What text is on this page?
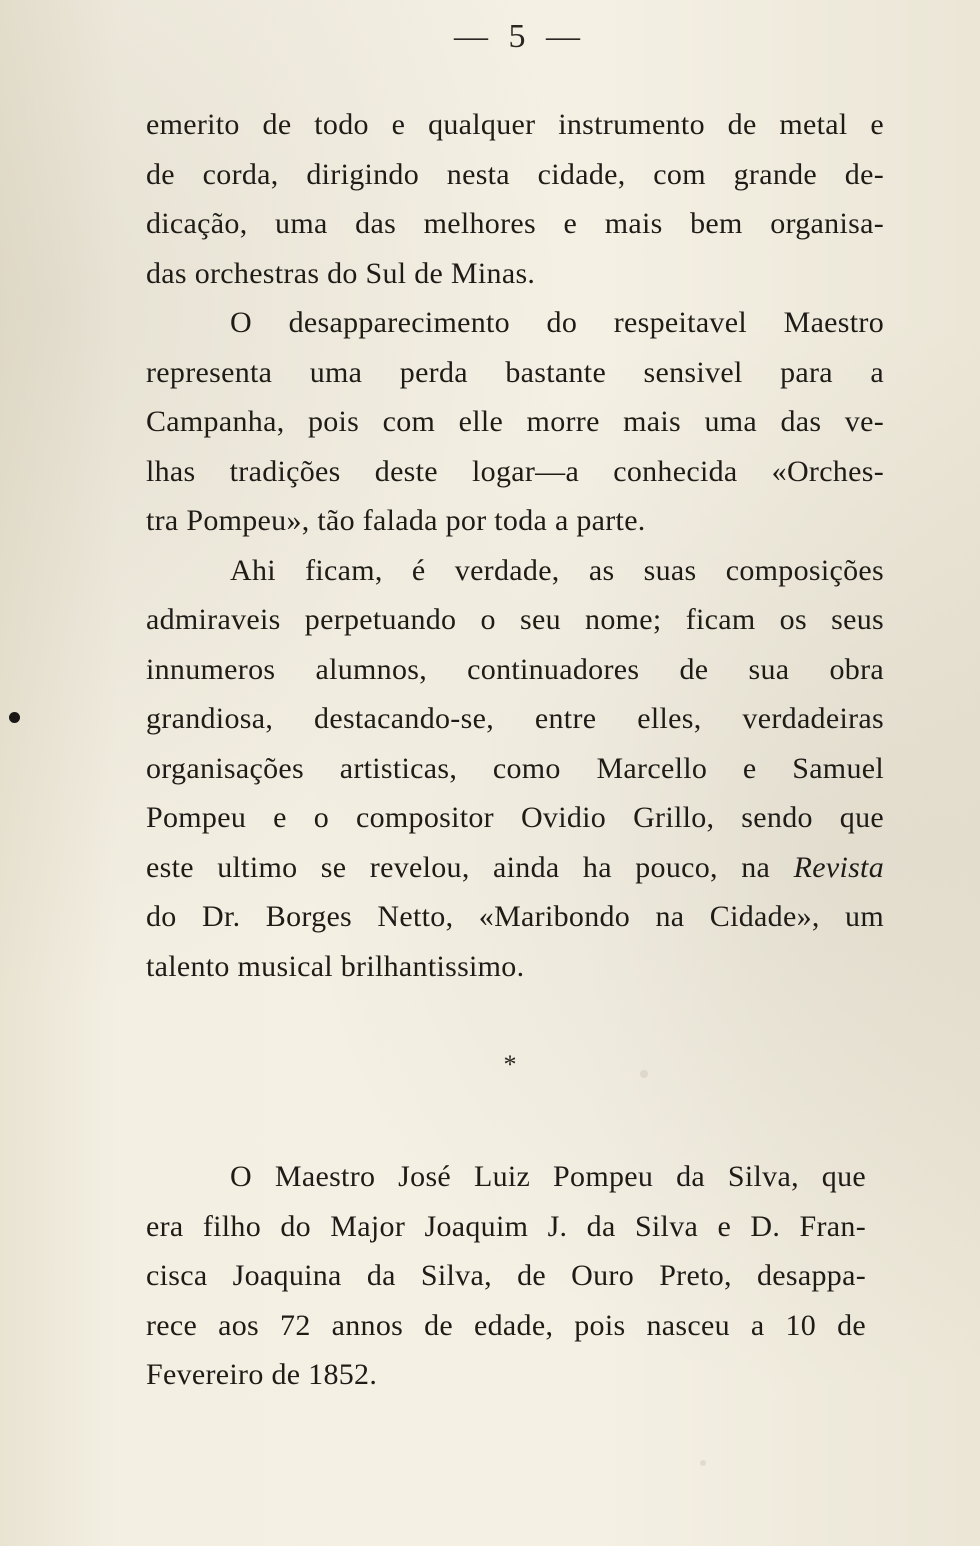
— 5 —
emerito de todo e qualquer instrumento de metal e
de corda, dirigindo nesta cidade, com grande de-
dicação, uma das melhores e mais bem organisa-
das orchestras do Sul de Minas.
O desapparecimento do respeitavel Maestro
representa uma perda bastante sensivel para a
Campanha, pois com elle morre mais uma das ve-
lhas tradições deste logar—a conhecida «Orches-
tra Pompeu», tão falada por toda a parte.
Ahi ficam, é verdade, as suas composições
admiraveis perpetuando o seu nome; ficam os seus
innumeros alumnos, continuadores de sua obra
grandiosa, destacando-se, entre elles, verdadeiras
organisações artisticas, como Marcello e Samuel
Pompeu e o compositor Ovidio Grillo, sendo que
este ultimo se revelou, ainda ha pouco, na Revista
do Dr. Borges Netto, «Maribondo na Cidade», um
talento musical brilhantissimo.
*
O Maestro José Luiz Pompeu da Silva, que
era filho do Major Joaquim J. da Silva e D. Fran-
cisca Joaquina da Silva, de Ouro Preto, desappa-
rece aos 72 annos de edade, pois nasceu a 10 de
Fevereiro de 1852.
